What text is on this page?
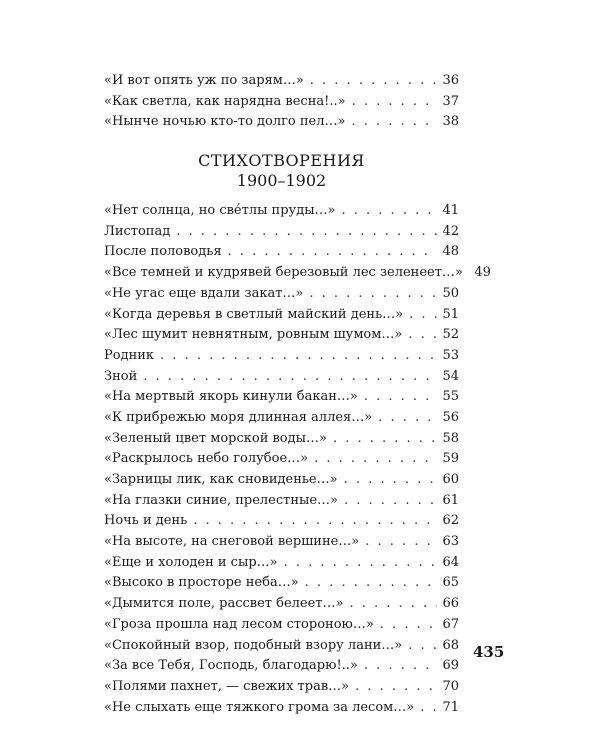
«И вот опять уж по зарям…» . . .	36
«Как светла, как нарядна весна!..» . . .	37
«Нынче ночью кто-то долго пел…» . . .	38
СТИХОТВОРЕНИЯ
1900–1902
«Нет солнца, но свéтлы пруды…» . . .	41
Листопад . . .	42
После половодья . . .	48
«Все темней и кудрявей березовый лес зеленеет…» 49
«Не угас еще вдали закат…» . . .	50
«Когда деревья в светлый майский день…» . . .	51
«Лес шумит невнятным, ровным шумом…» . . .	52
Родник . . .	53
Зной . . .	54
«На мертвый якорь кинули бакан…» . . .	55
«К прибрежью моря длинная аллея…» . . .	56
«Зеленый цвет морской воды…» . . .	58
«Раскрылось небо голубое…» . . .	59
«Зарницы лик, как сновиденье…» . . .	60
«На глазки синие, прелестные…» . . .	61
Ночь и день . . .	62
«На высоте, на снеговой вершине…» . . .	63
«Еще и холоден и сыр…» . . .	64
«Высоко в просторе неба…» . . .	65
«Дымится поле, рассвет белеет…» . . .	66
«Гроза прошла над лесом стороною…» . . .	67
«Спокойный взор, подобный взору лани…» . . .	68
«За все Тебя, Господь, благодарю!..» . . .	69
«Полями пахнет, — свежих трав…» . . .	70
«Не слыхать еще тяжкого грома за лесом…» . . . 71
435
